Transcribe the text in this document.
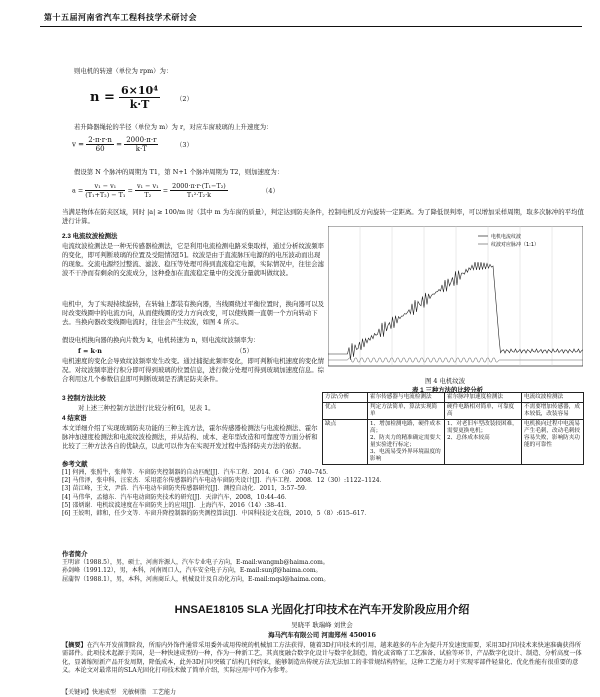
第十五届河南省汽车工程科技学术研讨会
则电机的转速（单位为 rpm）为：
$n = \frac{\text{6×10⁴}}{k\cdot T} (2)$
若升降器绳轮的半径（单位为 m）为 r，对应车窗玻璃的上升速度为：
$v = \frac{2\cdot\pi\cdot r\cdot n}{60} = \frac{2000\cdot\pi\cdot r}{k\cdot T}$	（3）
假设第 N 个脉冲的周期为 T1，第 N+1 个脉冲周期为 T2，则加速度为：
$a = \frac{\text{v₁ − v₁}}{\text{(T₁+T₂) − T₁}} = \frac{\text{v₁ − v₁}}{\text{T₂}} = \frac{\text{2000·π·r·(T₁−T₂)}}{\text{T₁²·T₂·k}}$	（4）
当满足物体在防夹区域，同时 |a| ≥ 100/m 时（其中 m 为车窗的质量），判定达到防夹条件，控制电机反方向旋转一定距离。为了降低误判率，可以增加采样周期，取多次脉冲的平均值进行计算。
2.3 电流纹波检测法
电流纹波检测法是一种无传感器检测法，它是利用电流检测电路采集取样，通过分析纹波频率的变化，即可判断玻璃的位置及受阻情况[5]。纹波是由于直流脉压电源的的电压波动而出现的现象。交流电源经过整流、滤波、稳压等处理可得到直流稳定电源，实际情况中，往往会滤波不干净而有剩余的交流成分，这种叠加在直流稳定量中的交流分量就叫做纹波。
电机中，为了实现持续旋转，在转轴上都装有换向器，当线圈绕过平衡位置时，换向器可以及时改变线圈中的电流方向，从而使线圈的受力方向改变，可以使线圈一直朝一个方向转动下去。当换向器改变线圈电流时，往往会产生纹波，如图 4 所示。
假设电机换向器的换向片数为 k，电机转速为 n，则电流纹波频率为：
f = k·n	（5）
电机速度的变化会导致纹波频率发生改变。通过捕捉此频率变化，即可判断电机速度的变化情况。对纹波频率进行积分即可得到玻璃的位置信息，进行微分处理可得到玻璃加速度信息。综合利用这几个参数信息即可判断玻璃是否满足防夹条件。
3 控制方法比较
对上述三种控制方法进行比较分析[6]，见表 1。
4 结束语
本文详细介绍了实现玻璃防夹功能的三种主流方法，霍尔传感器检测法与电流检测法、霍尔脉冲加速度检测法和电流纹波检测法，并从结构、成本、老年型改造和可靠度等方面分析和比较了三种方法各自的优缺点，以此可以作为在实现开发过程中选择防夹方法的依据。
参考文献
[1] 何洲，张照牛，张帅等．车窗防夹控制器的自动匹配[J]．汽车工程．2014．6（36）:740–745．
[2] 马伟泽，张申科，汪宏杰．采用霍尔传感器的汽车电动车窗防夹设计[J]．汽车工程．2008．12（30）:1122–1124．
[3] 苗江峰，王文，尹浩．汽车电动车窗防夹传感器研究[J]．测控自动化．2011，3:57–59．
[4] 马伟华，孟德东．汽车电动窗防夹技术的研究[J]．天津汽车，2008，10:44–46．
[5] 邵炳谢．电机纹波速度在车窗防夹上的应用[J]．上海汽车，2016（14）:38–41．
[6] 王姣明，韩和，任少文等．车窗升降控制器的防夹测控算法[J]．中国科技论文在线，2010，5（8）:615–617．
作者简介
王明谚（1988.5），男，硕士，河南许源人，汽车专业电子方向，E-mail:wangmb@haima.com。
孙剑峰（1991.12），男，本科，河南周口人，汽车安全电子方向，E-mail:sunjf@haima.com。
屈蒲智（1988.1），男，本科，河南商丘人，机械设计及自动化方向，E-mail:mqsl@haima.com。
电机电流纹波
纹波对应脉冲（1:1）
图 4 电机纹波
表 1 三种方法的比较分析
方法\分析	霍尔传感器与电流检测法	霍尔脉冲加速度检测法	电流纹波检测法
优点	判定方法简单，算法实现简单	硬件电路相对简单，可靠度高	不需要增加传感器，成本较低，改装容易
缺点	1、增加检测电路，硬件成本高；
2、防夹力的精准确定需要大量实验进行标定；
3、电流易受外界环境温度的影响	1、对老旧车型改装较困难，需要更换电机；
2、总体成本较高	电机换向过程中电流易产生毛刺，改动毛刺较容易失败，影响防夹功能的可靠性
HNSAE18105 SLA 光固化打印技术在汽车开发阶段应用介绍
吴晓平 耿瑞峰 刘世会
海马汽车有限公司 河南郑州 450016
【摘要】在汽车开发前期阶段，所需内外饰件通常采用委外或用传统的机械加工方法获得，随着3D打印技术的引用，越来越多的车企为提升开发速度需要，采用3D打印技术来快速准确获得所需部件。此项技术起源于美国，是一种快速成型的一种，作为一种新工艺，其真度融合数字化设计与数字化制造，简化或省略了工艺准备、试验等环节，产品数字化设计、制造、分析高度一体化，显著缩短新产品开发周期，降低成本，此外3D打印突破了结构几何约束，能够制造出传统方法无法加工的非常规结构特征，这种工艺能力对于实现零部件轻量化、优化性能有很重要的意义。本论文对最常用的SLA光固化打印技术做了简单介绍，实际应用中可作为参考。
【关键词】快速成型　光敏树脂　工艺能力
